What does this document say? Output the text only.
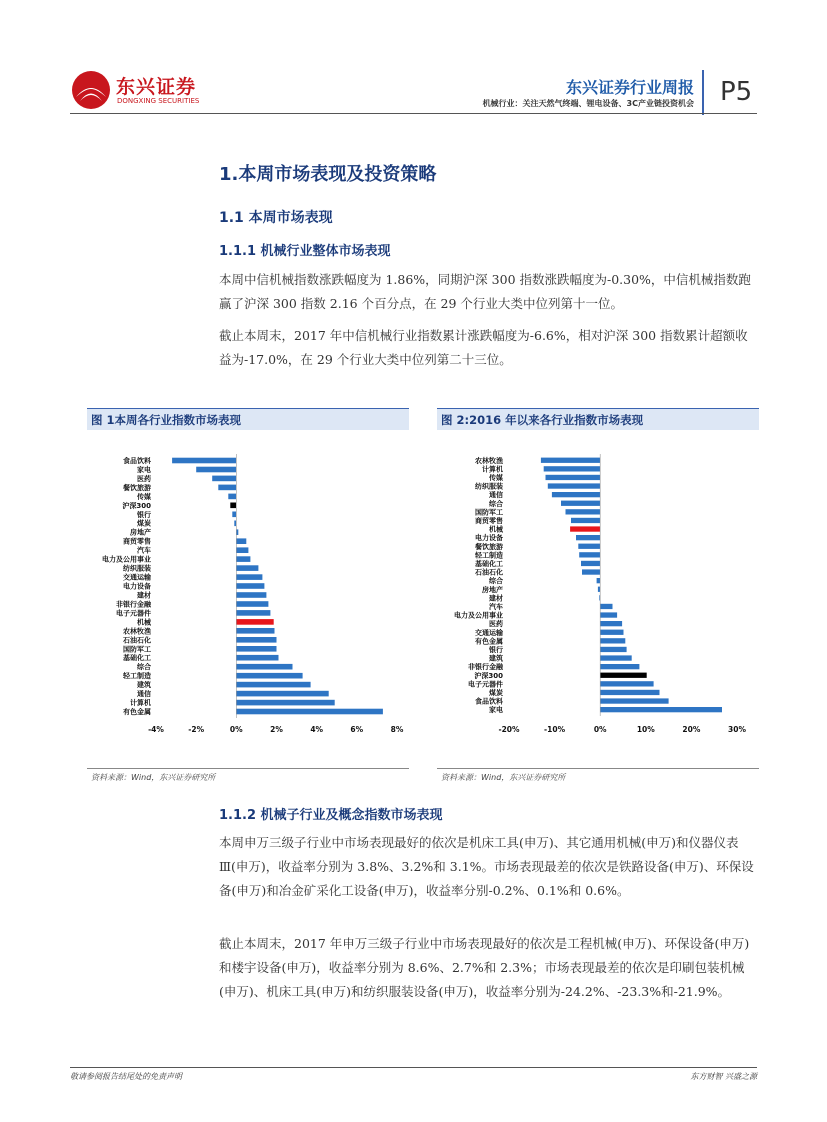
东兴证券
DONGXING SECURITIES
东兴证券行业周报
机械行业：关注天然气终端、锂电设备、3C产业链投资机会 P5
1.本周市场表现及投资策略
1.1 本周市场表现
1.1.1 机械行业整体市场表现
本周中信机械指数涨跌幅度为 1.86%，同期沪深 300 指数涨跌幅度为-0.30%，中信机械指数跑赢了沪深 300 指数 2.16 个百分点，在 29 个行业大类中位列第十一位。
截止本周末，2017 年中信机械行业指数累计涨跌幅度为-6.6%，相对沪深 300 指数累计超额收益为-17.0%，在 29 个行业大类中位列第二十三位。
图 1本周各行业指数市场表现	图 2:2016 年以来各行业指数市场表现
食品饮料
家电
医药
餐饮旅游
传媒
沪深300
银行
煤炭
房地产
商贸零售
汽车
电力及公用事业
纺织服装
交通运输
电力设备
建材
非银行金融
电子元器件
机械
农林牧渔
石油石化
国防军工
基础化工
综合
轻工制造
建筑
通信
计算机
有色金属
-4%	-2%	0%	2%	4%	6%	8%
农林牧渔
计算机
传媒
纺织服装
通信
综合
国防军工
商贸零售
机械
电力设备
餐饮旅游
轻工制造
基础化工
石油石化
综合
房地产
建材
汽车
电力及公用事业
医药
交通运输
有色金属
银行
建筑
非银行金融
沪深300
电子元器件
煤炭
食品饮料
家电
-20%	-10%	0%	10%	20%	30%
资料来源：Wind，东兴证券研究所	资料来源：Wind，东兴证券研究所
1.1.2 机械子行业及概念指数市场表现
本周申万三级子行业中市场表现最好的依次是机床工具(申万)、其它通用机械(申万)和仪器仪表Ⅲ(申万)，收益率分别为 3.8%、3.2%和 3.1%。市场表现最差的依次是铁路设备(申万)、环保设备(申万)和冶金矿采化工设备(申万)，收益率分别-0.2%、0.1%和 0.6%。
截止本周末，2017 年申万三级子行业中市场表现最好的依次是工程机械(申万)、环保设备(申万)和楼宇设备(申万)，收益率分别为 8.6%、2.7%和 2.3%；市场表现最差的依次是印刷包装机械(申万)、机床工具(申万)和纺织服装设备(申万)，收益率分别为-24.2%、-23.3%和-21.9%。
敬请参阅报告结尾处的免责声明	东方财智 兴盛之源
